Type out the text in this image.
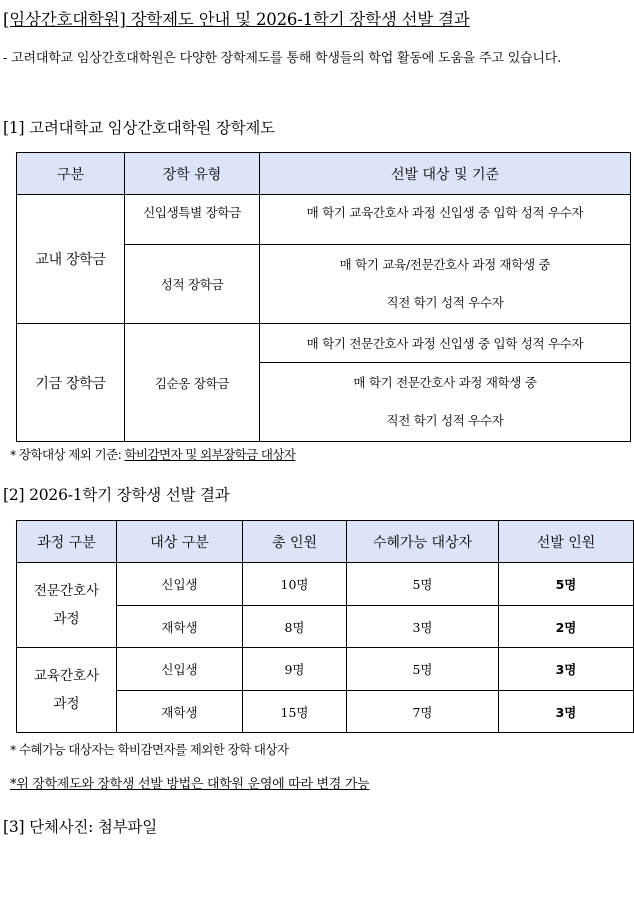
[임상간호대학원] 장학제도 안내 및 2026-1학기 장학생 선발 결과
- 고려대학교 임상간호대학원은 다양한 장학제도를 통해 학생들의 학업 활동에 도움을 주고 있습니다.
[1] 고려대학교 임상간호대학원 장학제도
구분	장학 유형	선발 대상 및 기준
교내 장학금	신입생특별 장학금	매 학기 교육간호사 과정 신입생 중 입학 성적 우수자
	성적 장학금	매 학기 교육/전문간호사 과정 재학생 중
직전 학기 성적 우수자

기금 장학금	김순옹 장학금	매 학기 전문간호사 과정 신입생 중 입학 성적 우수자

		매 학기 전문간호사 과정 재학생 중
직전 학기 성적 우수자
* 장학대상 제외 기준: 학비감면자 및 외부장학금 대상자
[2] 2026-1학기 장학생 선발 결과
과정 구분	대상 구분	총 인원	수혜가능 대상자	선발 인원

전문간호사
과정	신입생	10명	5명	5명
	재학생	8명	3명	2명

교육간호사
과정	신입생	9명	5명	3명
	재학생	15명	7명	3명
* 수혜가능 대상자는 학비감면자를 제외한 장학 대상자
*위 장학제도와 장학생 선발 방법은 대학원 운영에 따라 변경 가능
[3] 단체사진: 첨부파일
